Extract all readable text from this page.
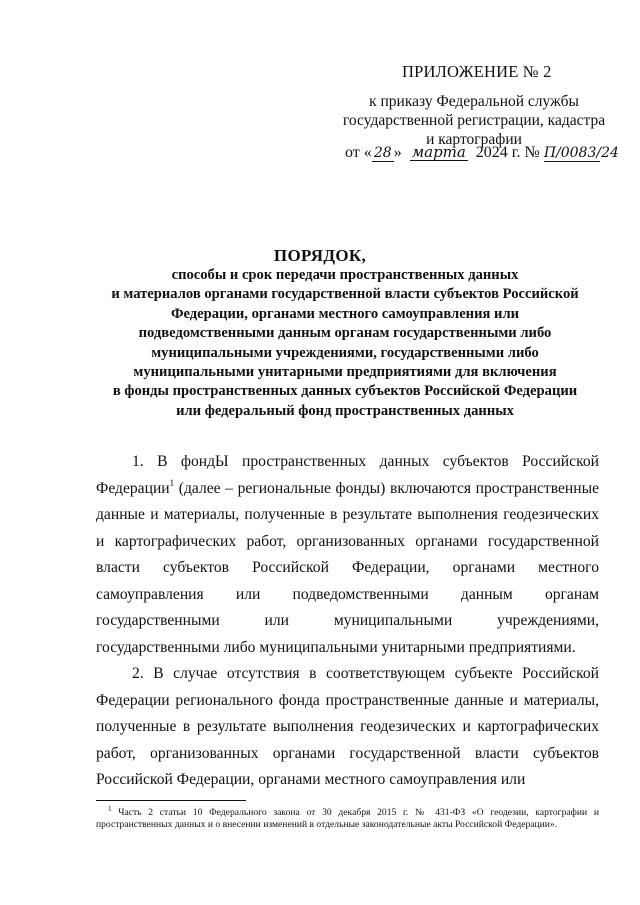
ПРИЛОЖЕНИЕ № 2
к приказу Федеральной службы
государственной регистрации, кадастра
и картографии
от « 28 » марта 2024 г. № П/0083/24
ПОРЯДОК,
способы и срок передачи пространственных данных
и материалов органами государственной власти субъектов Российской
Федерации, органами местного самоуправления или
подведомственными данным органам государственными либо
муниципальными учреждениями, государственными либо
муниципальными унитарными предприятиями для включения
в фонды пространственных данных субъектов Российской Федерации
или федеральный фонд пространственных данных

1. В фондЫ пространственных данных субъектов Российской Федерации$^1$ (далее – региональные фонды) включаются пространственные данные и материалы, полученные в результате выполнения геодезических и картографических работ, организованных органами государственной власти субъектов Российской Федерации, органами местного самоуправления или подведомственными данным органам государственными или муниципальными учреждениями, государственными либо муниципальными унитарными предприятиями.

2. В случае отсутствия в соответствующем субъекте Российской Федерации регионального фонда пространственные данные и материалы, полученные в результате выполнения геодезических и картографических работ, организованных органами государственной власти субъектов Российской Федерации, органами местного самоуправления или

$^1$ Часть 2 статьи 10 Федерального закона от 30 декабря 2015 г. № 431-ФЗ «О геодезии, картографии и пространственных данных и о внесении изменений в отдельные законодательные акты Российской Федерации».
